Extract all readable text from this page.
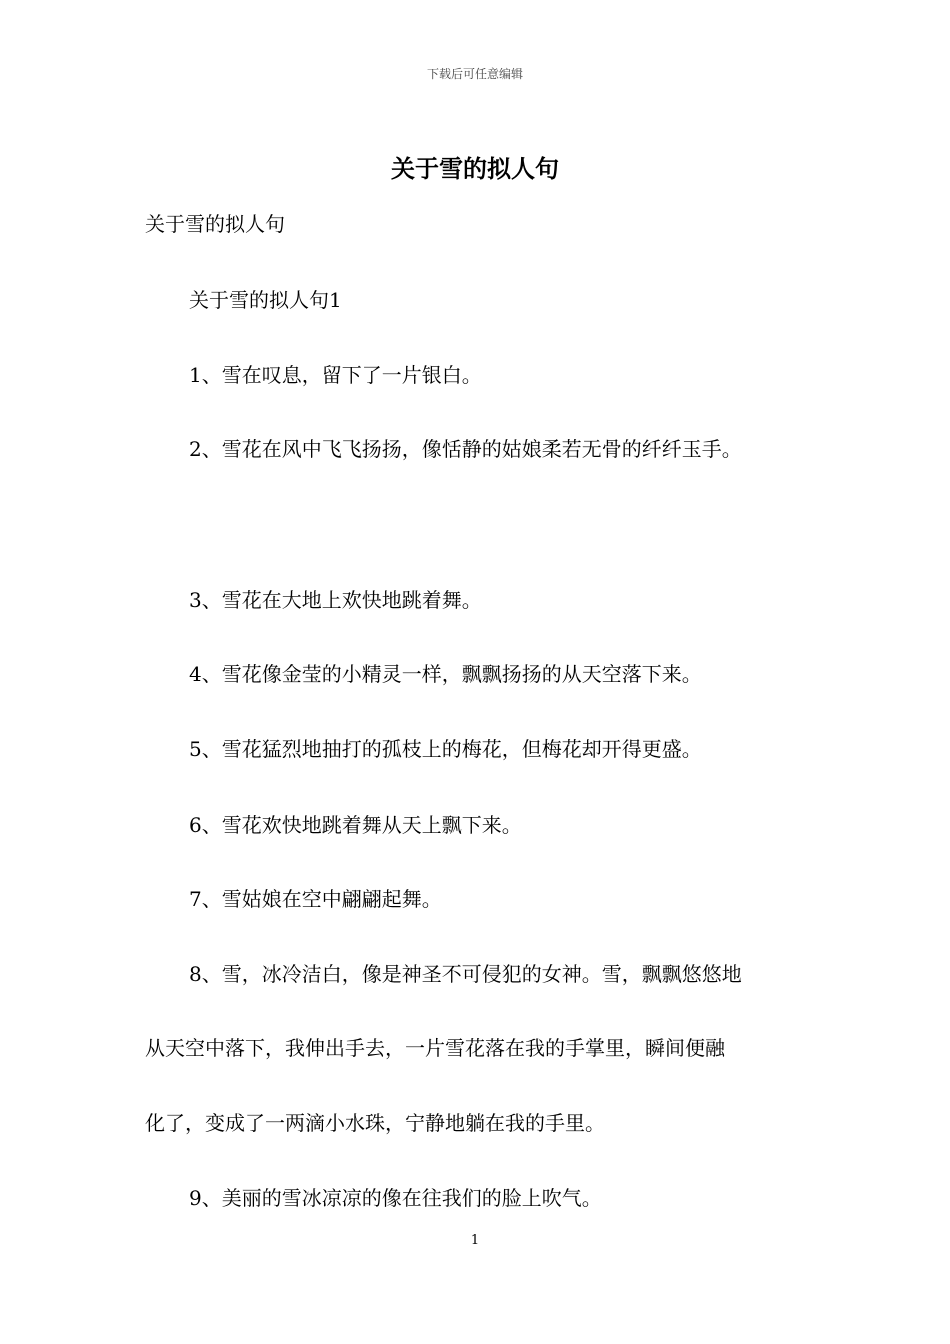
下载后可任意编辑
关于雪的拟人句
关于雪的拟人句
关于雪的拟人句1
1、雪在叹息，留下了一片银白。
2、雪花在风中飞飞扬扬，像恬静的姑娘柔若无骨的纤纤玉手。
3、雪花在大地上欢快地跳着舞。
4、雪花像金莹的小精灵一样，飘飘扬扬的从天空落下来。
5、雪花猛烈地抽打的孤枝上的梅花，但梅花却开得更盛。
6、雪花欢快地跳着舞从天上飘下来。
7、雪姑娘在空中翩翩起舞。
8、雪，冰冷洁白，像是神圣不可侵犯的女神。雪，飘飘悠悠地
从天空中落下，我伸出手去，一片雪花落在我的手掌里，瞬间便融
化了，变成了一两滴小水珠，宁静地躺在我的手里。
9、美丽的雪冰凉凉的像在往我们的脸上吹气。
1
